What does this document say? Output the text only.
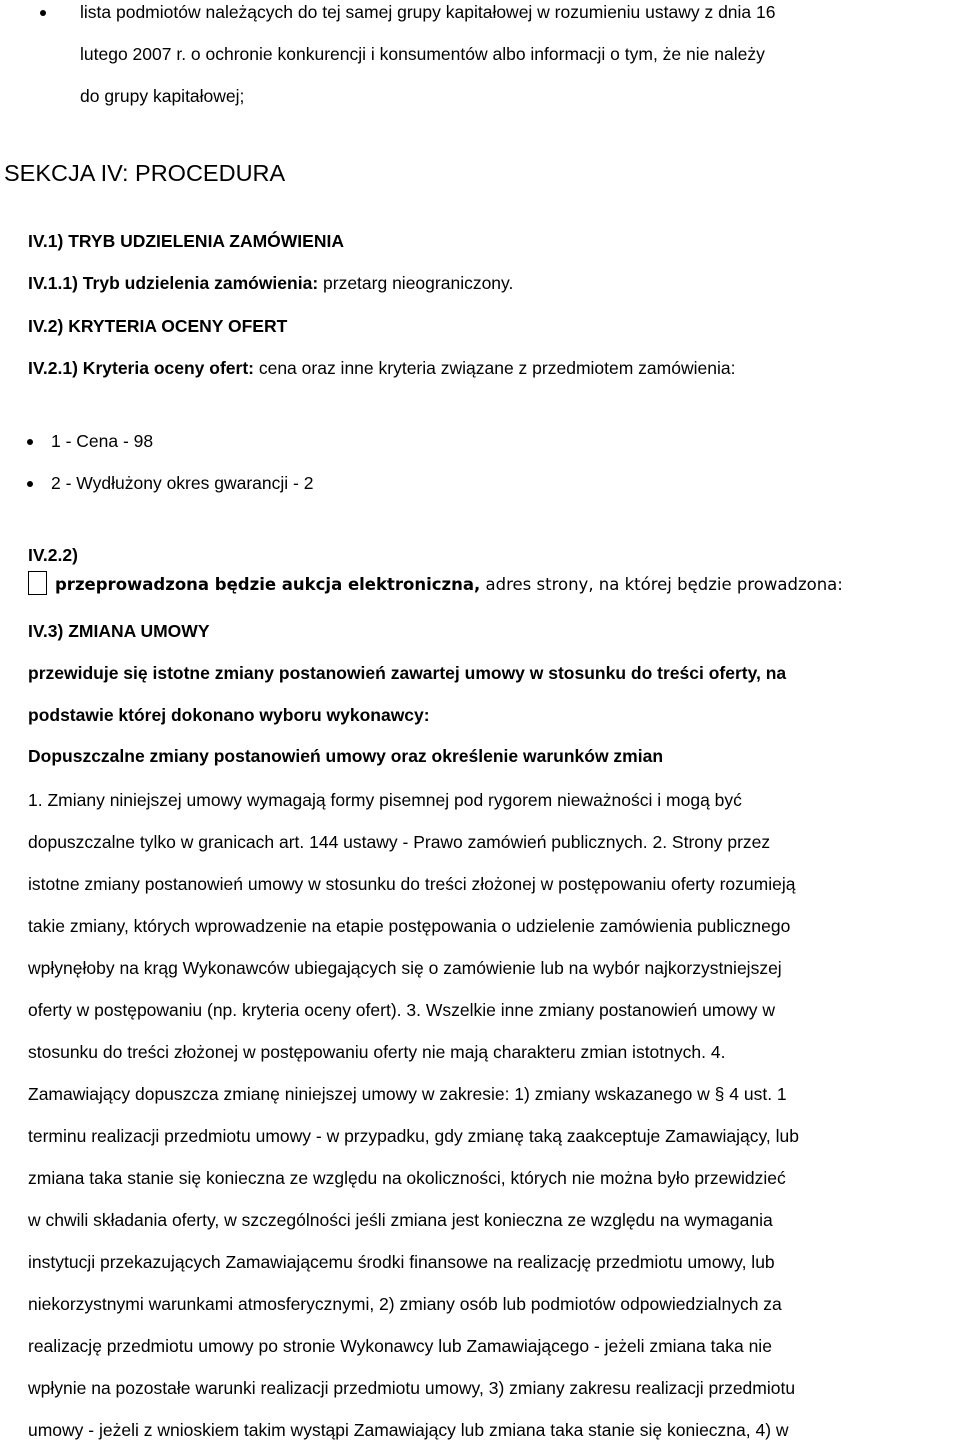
lista podmiotów należących do tej samej grupy kapitałowej w rozumieniu ustawy z dnia 16
lutego 2007 r. o ochronie konkurencji i konsumentów albo informacji o tym, że nie należy
do grupy kapitałowej;
SEKCJA IV: PROCEDURA
IV.1) TRYB UDZIELENIA ZAMÓWIENIA
IV.1.1) Tryb udzielenia zamówienia: przetarg nieograniczony.
IV.2) KRYTERIA OCENY OFERT
IV.2.1) Kryteria oceny ofert: cena oraz inne kryteria związane z przedmiotem zamówienia:
1 - Cena - 98
2 - Wydłużony okres gwarancji - 2
IV.2.2)
przeprowadzona będzie aukcja elektroniczna, adres strony, na której będzie prowadzona:
IV.3) ZMIANA UMOWY
przewiduje się istotne zmiany postanowień zawartej umowy w stosunku do treści oferty, na
podstawie której dokonano wyboru wykonawcy:
Dopuszczalne zmiany postanowień umowy oraz określenie warunków zmian
1. Zmiany niniejszej umowy wymagają formy pisemnej pod rygorem nieważności i mogą być
dopuszczalne tylko w granicach art. 144 ustawy - Prawo zamówień publicznych. 2. Strony przez
istotne zmiany postanowień umowy w stosunku do treści złożonej w postępowaniu oferty rozumieją
takie zmiany, których wprowadzenie na etapie postępowania o udzielenie zamówienia publicznego
wpłynęłoby na krąg Wykonawców ubiegających się o zamówienie lub na wybór najkorzystniejszej
oferty w postępowaniu (np. kryteria oceny ofert). 3. Wszelkie inne zmiany postanowień umowy w
stosunku do treści złożonej w postępowaniu oferty nie mają charakteru zmian istotnych. 4.
Zamawiający dopuszcza zmianę niniejszej umowy w zakresie: 1) zmiany wskazanego w § 4 ust. 1
terminu realizacji przedmiotu umowy - w przypadku, gdy zmianę taką zaakceptuje Zamawiający, lub
zmiana taka stanie się konieczna ze względu na okoliczności, których nie można było przewidzieć
w chwili składania oferty, w szczególności jeśli zmiana jest konieczna ze względu na wymagania
instytucji przekazujących Zamawiającemu środki finansowe na realizację przedmiotu umowy, lub
niekorzystnymi warunkami atmosferycznymi, 2) zmiany osób lub podmiotów odpowiedzialnych za
realizację przedmiotu umowy po stronie Wykonawcy lub Zamawiającego - jeżeli zmiana taka nie
wpłynie na pozostałe warunki realizacji przedmiotu umowy, 3) zmiany zakresu realizacji przedmiotu
umowy - jeżeli z wnioskiem takim wystąpi Zamawiający lub zmiana taka stanie się konieczna, 4) w
